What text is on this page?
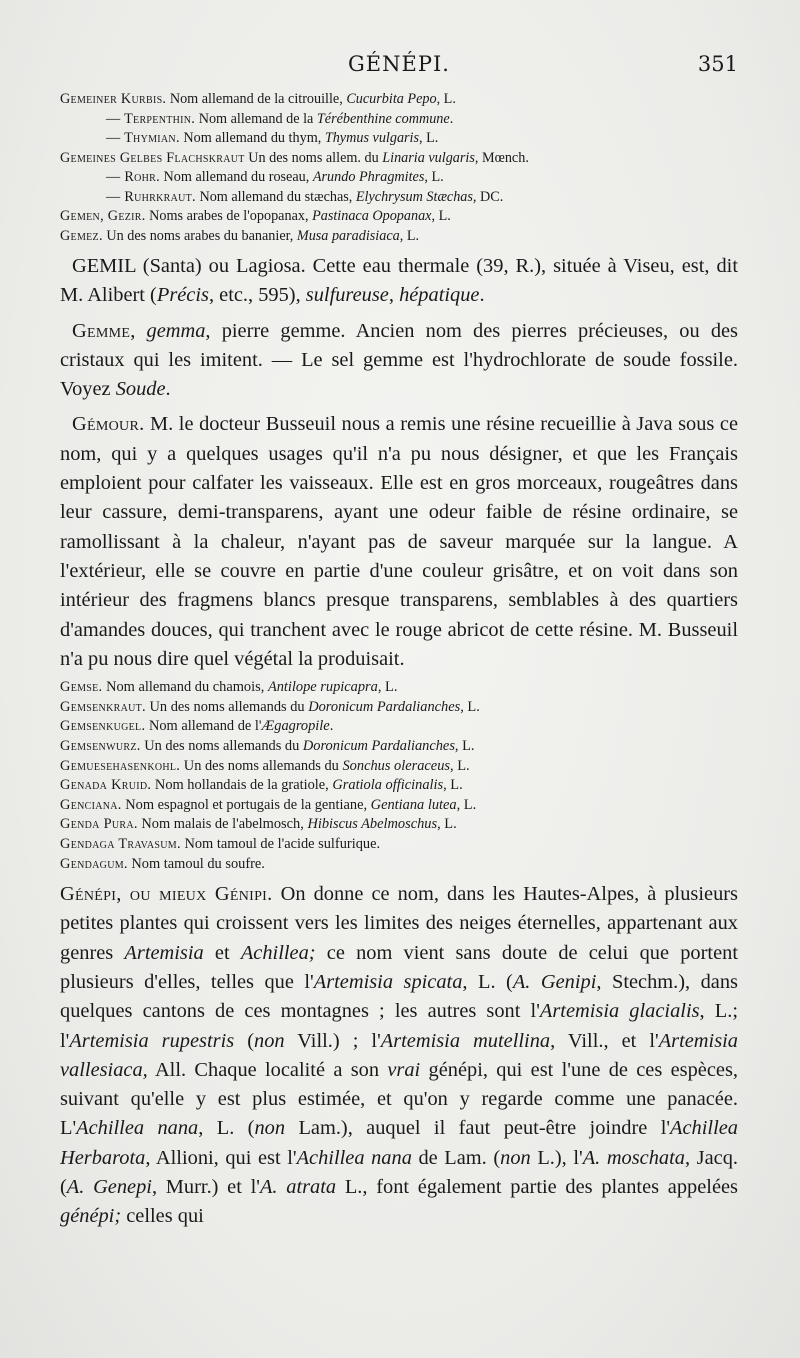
GÉNÉPI.	351

Gemeiner Kurbis. Nom allemand de la citrouille, Cucurbita Pepo, L.

— Terpenthin. Nom allemand de la Térébenthine commune.

— Thymian. Nom allemand du thym, Thymus vulgaris, L.

Gemeines Gelbes Flachskraut Un des noms allem. du Linaria vulgaris, Mœnch.

— Rohr. Nom allemand du roseau, Arundo Phragmites, L.

— Ruhrkraut. Nom allemand du stæchas, Elychrysum Stæchas, DC.

Gemen, Gezir. Noms arabes de l'opopanax, Pastinaca Opopanax, L.

Gemez. Un des noms arabes du bananier, Musa paradisiaca, L.

GEMIL (Santa) ou Lagiosa. Cette eau thermale (39, R.), située à Viseu, est, dit M. Alibert (Précis, etc., 595), sulfureuse, hépatique.

Gemme, gemma, pierre gemme. Ancien nom des pierres précieuses, ou des cristaux qui les imitent. — Le sel gemme est l'hydrochlorate de soude fossile. Voyez Soude.

Gémour. M. le docteur Busseuil nous a remis une résine recueillie à Java sous ce nom, qui y a quelques usages qu'il n'a pu nous désigner, et que les Français emploient pour calfater les vaisseaux. Elle est en gros morceaux, rougeâtres dans leur cassure, demi-transparens, ayant une odeur faible de résine ordinaire, se ramollissant à la chaleur, n'ayant pas de saveur marquée sur la langue. A l'extérieur, elle se couvre en partie d'une couleur grisâtre, et on voit dans son intérieur des fragmens blancs presque transparens, semblables à des quartiers d'amandes douces, qui tranchent avec le rouge abricot de cette résine. M. Busseuil n'a pu nous dire quel végétal la produisait.

Gemse. Nom allemand du chamois, Antilope rupicapra, L.

Gemsenkraut. Un des noms allemands du Doronicum Pardalianches, L.

Gemsenkugel. Nom allemand de l'Ægagropile.

Gemsenwurz. Un des noms allemands du Doronicum Pardalianches, L.

Gemuesehasenkohl. Un des noms allemands du Sonchus oleraceus, L.

Genada Kruid. Nom hollandais de la gratiole, Gratiola officinalis, L.

Genciana. Nom espagnol et portugais de la gentiane, Gentiana lutea, L.

Genda Pura. Nom malais de l'abelmosch, Hibiscus Abelmoschus, L.

Gendaga Travasum. Nom tamoul de l'acide sulfurique.

Gendagum. Nom tamoul du soufre.

Génépi, ou mieux Génipi. On donne ce nom, dans les Hautes-Alpes, à plusieurs petites plantes qui croissent vers les limites des neiges éternelles, appartenant aux genres Artemisia et Achillea; ce nom vient sans doute de celui que portent plusieurs d'elles, telles que l'Artemisia spicata, L. (A. Genipi, Stechm.), dans quelques cantons de ces montagnes ; les autres sont l'Artemisia glacialis, L.; l'Artemisia rupestris (non Vill.) ; l'Artemisia mutellina, Vill., et l'Artemisia vallesiaca, All. Chaque localité a son vrai génépi, qui est l'une de ces espèces, suivant qu'elle y est plus estimée, et qu'on y regarde comme une panacée. L'Achillea nana, L. (non Lam.), auquel il faut peut-être joindre l'Achillea Herbarota, Allioni, qui est l'Achillea nana de Lam. (non L.), l'A. moschata, Jacq. (A. Genepi, Murr.) et l'A. atrata L., font également partie des plantes appelées génépi; celles qui
